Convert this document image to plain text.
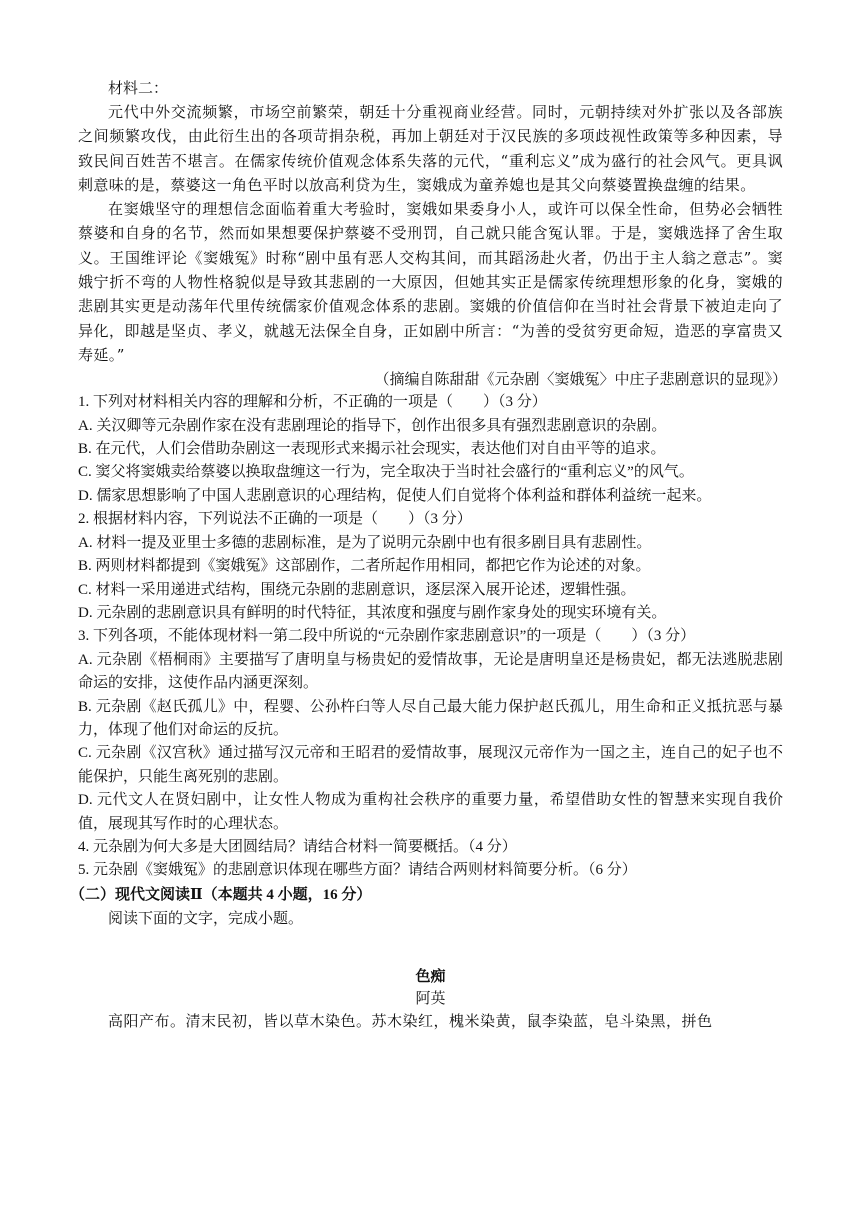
材料二：

元代中外交流频繁，市场空前繁荣，朝廷十分重视商业经营。同时，元朝持续对外扩张以及各部族之间频繁攻伐，由此衍生出的各项苛捐杂税，再加上朝廷对于汉民族的多项歧视性政策等多种因素，导致民间百姓苦不堪言。在儒家传统价值观念体系失落的元代，“重利忘义”成为盛行的社会风气。更具讽刺意味的是，蔡婆这一角色平时以放高利贷为生，窦娥成为童养媳也是其父向蔡婆置换盘缠的结果。

在窦娥坚守的理想信念面临着重大考验时，窦娥如果委身小人，或许可以保全性命，但势必会牺牲蔡婆和自身的名节，然而如果想要保护蔡婆不受刑罚，自己就只能含冤认罪。于是，窦娥选择了舍生取义。王国维评论《窦娥冤》时称“剧中虽有恶人交构其间，而其蹈汤赴火者，仍出于主人翁之意志”。窦娥宁折不弯的人物性格貌似是导致其悲剧的一大原因，但她其实正是儒家传统理想形象的化身，窦娥的悲剧其实更是动荡年代里传统儒家价值观念体系的悲剧。窦娥的价值信仰在当时社会背景下被迫走向了异化，即越是坚贞、孝义，就越无法保全自身，正如剧中所言：“为善的受贫穷更命短，造恶的享富贵又寿延。”

（摘编自陈甜甜《元杂剧〈窦娥冤〉中庄子悲剧意识的显现》）

1. 下列对材料相关内容的理解和分析，不正确的一项是（　　）（3 分）

A. 关汉卿等元杂剧作家在没有悲剧理论的指导下，创作出很多具有强烈悲剧意识的杂剧。

B. 在元代，人们会借助杂剧这一表现形式来揭示社会现实，表达他们对自由平等的追求。

C. 窦父将窦娥卖给蔡婆以换取盘缠这一行为，完全取决于当时社会盛行的“重利忘义”的风气。

D. 儒家思想影响了中国人悲剧意识的心理结构，促使人们自觉将个体利益和群体利益统一起来。

2. 根据材料内容，下列说法不正确的一项是（　　）（3 分）

A. 材料一提及亚里士多德的悲剧标准，是为了说明元杂剧中也有很多剧目具有悲剧性。

B. 两则材料都提到《窦娥冤》这部剧作，二者所起作用相同，都把它作为论述的对象。

C. 材料一采用递进式结构，围绕元杂剧的悲剧意识，逐层深入展开论述，逻辑性强。

D. 元杂剧的悲剧意识具有鲜明的时代特征，其浓度和强度与剧作家身处的现实环境有关。

3. 下列各项，不能体现材料一第二段中所说的“元杂剧作家悲剧意识”的一项是（　　）（3 分）

A. 元杂剧《梧桐雨》主要描写了唐明皇与杨贵妃的爱情故事，无论是唐明皇还是杨贵妃，都无法逃脱悲剧命运的安排，这使作品内涵更深刻。

B. 元杂剧《赵氏孤儿》中，程婴、公孙杵臼等人尽自己最大能力保护赵氏孤儿，用生命和正义抵抗恶与暴力，体现了他们对命运的反抗。

C. 元杂剧《汉宫秋》通过描写汉元帝和王昭君的爱情故事，展现汉元帝作为一国之主，连自己的妃子也不能保护，只能生离死别的悲剧。

D. 元代文人在贤妇剧中，让女性人物成为重构社会秩序的重要力量，希望借助女性的智慧来实现自我价值，展现其写作时的心理状态。

4. 元杂剧为何大多是大团圆结局？请结合材料一简要概括。（4 分）

5. 元杂剧《窦娥冤》的悲剧意识体现在哪些方面？请结合两则材料简要分析。（6 分）

（二）现代文阅读Ⅱ（本题共 4 小题，16 分）

阅读下面的文字，完成小题。

色痴

阿英

高阳产布。清末民初，皆以草木染色。苏木染红，槐米染黄，鼠李染蓝，皂斗染黑，拼色
